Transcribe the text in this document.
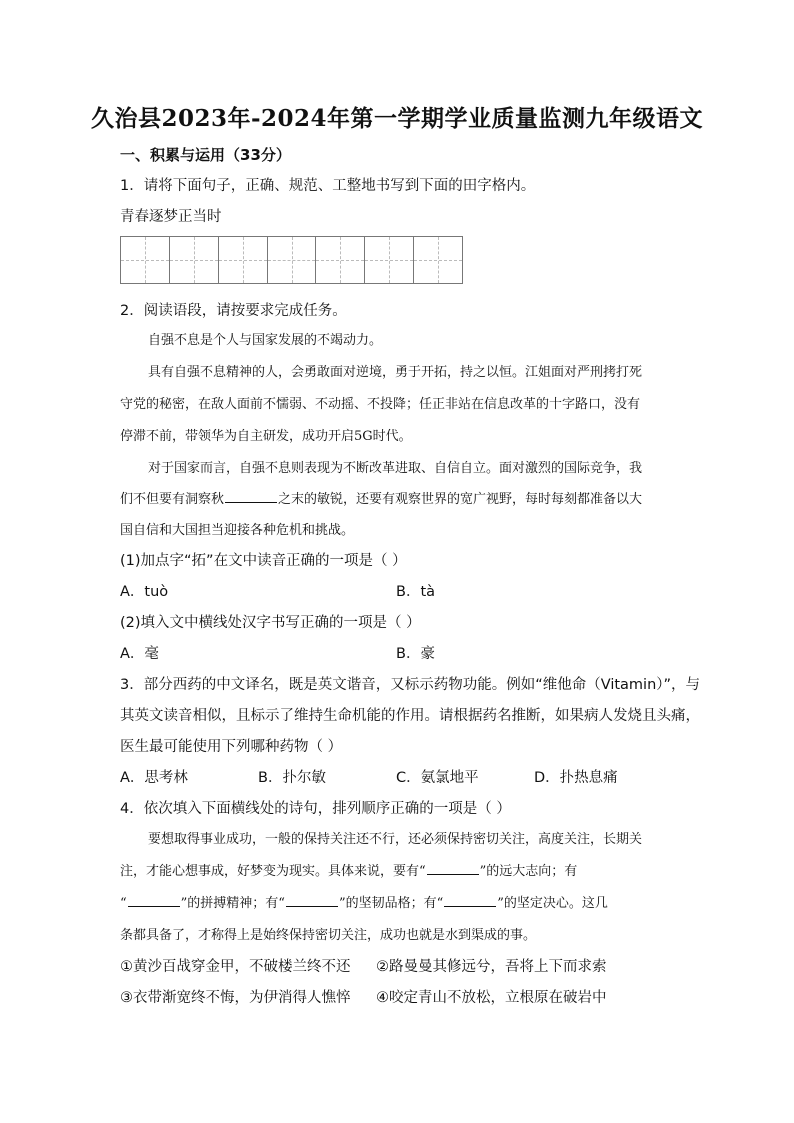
久治县2023年-2024年第一学期学业质量监测九年级语文
一、积累与运用（33分）
1．请将下面句子，正确、规范、工整地书写到下面的田字格内。
青春逐梦正当时
2．阅读语段，请按要求完成任务。
自强不息是个人与国家发展的不竭动力。
具有自强不息精神的人，会勇敢面对逆境，勇于开拓，持之以恒。江姐面对严刑拷打死
守党的秘密，在敌人面前不懦弱、不动摇、不投降；任正非站在信息改革的十字路口，没有
停滞不前，带领华为自主研发，成功开启5G时代。
对于国家而言，自强不息则表现为不断改革进取、自信自立。面对激烈的国际竞争，我
们不但要有洞察秋	之末的敏锐，还要有观察世界的宽广视野，每时每刻都准备以大
国自信和大国担当迎接各种危机和挑战。
(1)加点字“拓”在文中读音正确的一项是（ ）
A．tuò	B．tà
(2)填入文中横线处汉字书写正确的一项是（ ）
A．毫	B．豪
3．部分西药的中文译名，既是英文谐音，又标示药物功能。例如“维他命（Vitamin）”，与
其英文读音相似，且标示了维持生命机能的作用。请根据药名推断，如果病人发烧且头痛，
医生最可能使用下列哪种药物（ ）
A．思考林	B．扑尔敏	C．氨氯地平	D．扑热息痛
4．依次填入下面横线处的诗句，排列顺序正确的一项是（ ）
要想取得事业成功，一般的保持关注还不行，还必须保持密切关注，高度关注，长期关
注，才能心想事成，好梦变为现实。具体来说，要有“	”的远大志向；有
“	”的拼搏精神；有“	”的坚韧品格；有“	”的坚定决心。这几
条都具备了，才称得上是始终保持密切关注，成功也就是水到渠成的事。
①黄沙百战穿金甲，不破楼兰终不还 ②路曼曼其修远兮，吾将上下而求索
③衣带渐宽终不悔，为伊消得人憔悴 ④咬定青山不放松，立根原在破岩中
